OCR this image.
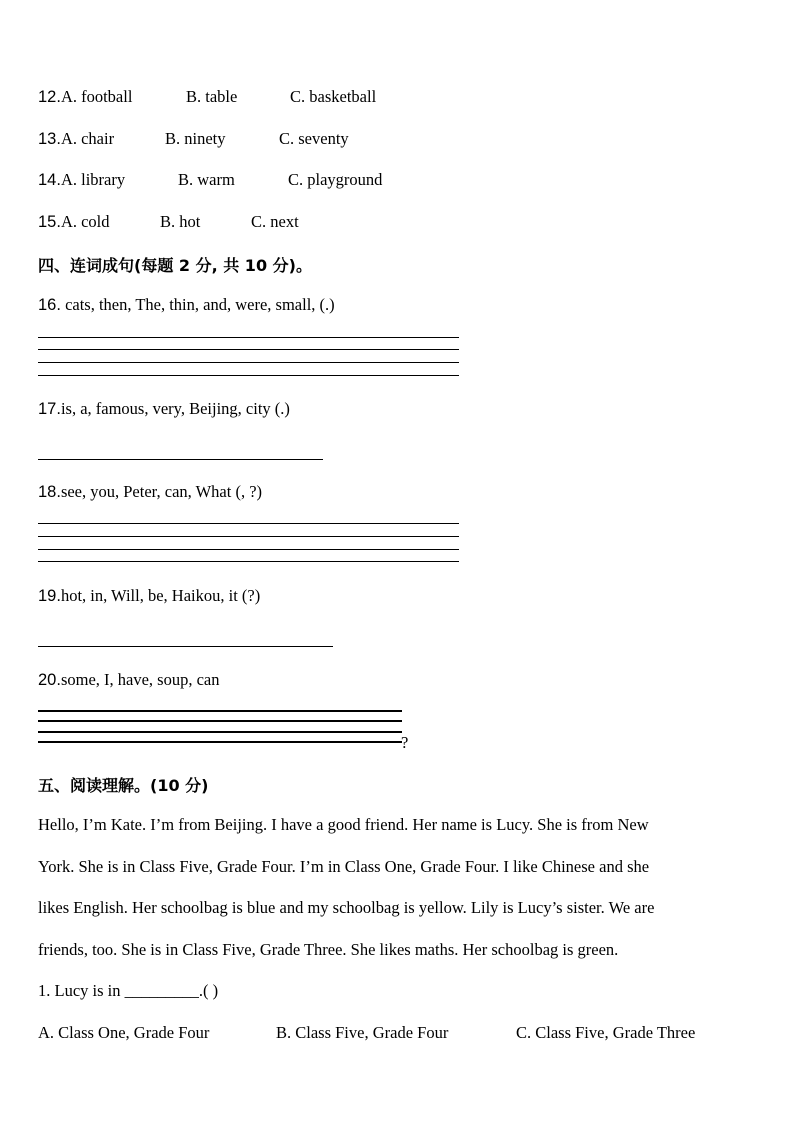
12.A. football	B. table	C. basketball
13.A. chair	B. ninety	C. seventy
14.A. library	B. warm	C. playground
15.A. cold	B. hot	C. next
四、连词成句(每题 2 分, 共 10 分)。
16. cats, then, The, thin, and, were, small, (.)
17.is, a, famous, very, Beijing, city (.)
18.see, you, Peter, can, What (, ?)
19.hot, in, Will, be, Haikou, it (?)
20.some, I, have, soup, can
?
五、阅读理解。(10 分)
Hello, I’m Kate. I’m from Beijing. I have a good friend. Her name is Lucy. She is from New
York. She is in Class Five, Grade Four. I’m in Class One, Grade Four. I like Chinese and she
likes English. Her schoolbag is blue and my schoolbag is yellow. Lily is Lucy’s sister. We are
friends, too. She is in Class Five, Grade Three. She likes maths. Her schoolbag is green.
1. Lucy is in _________.( )
A. Class One, Grade Four	B. Class Five, Grade Four	C. Class Five, Grade Three
